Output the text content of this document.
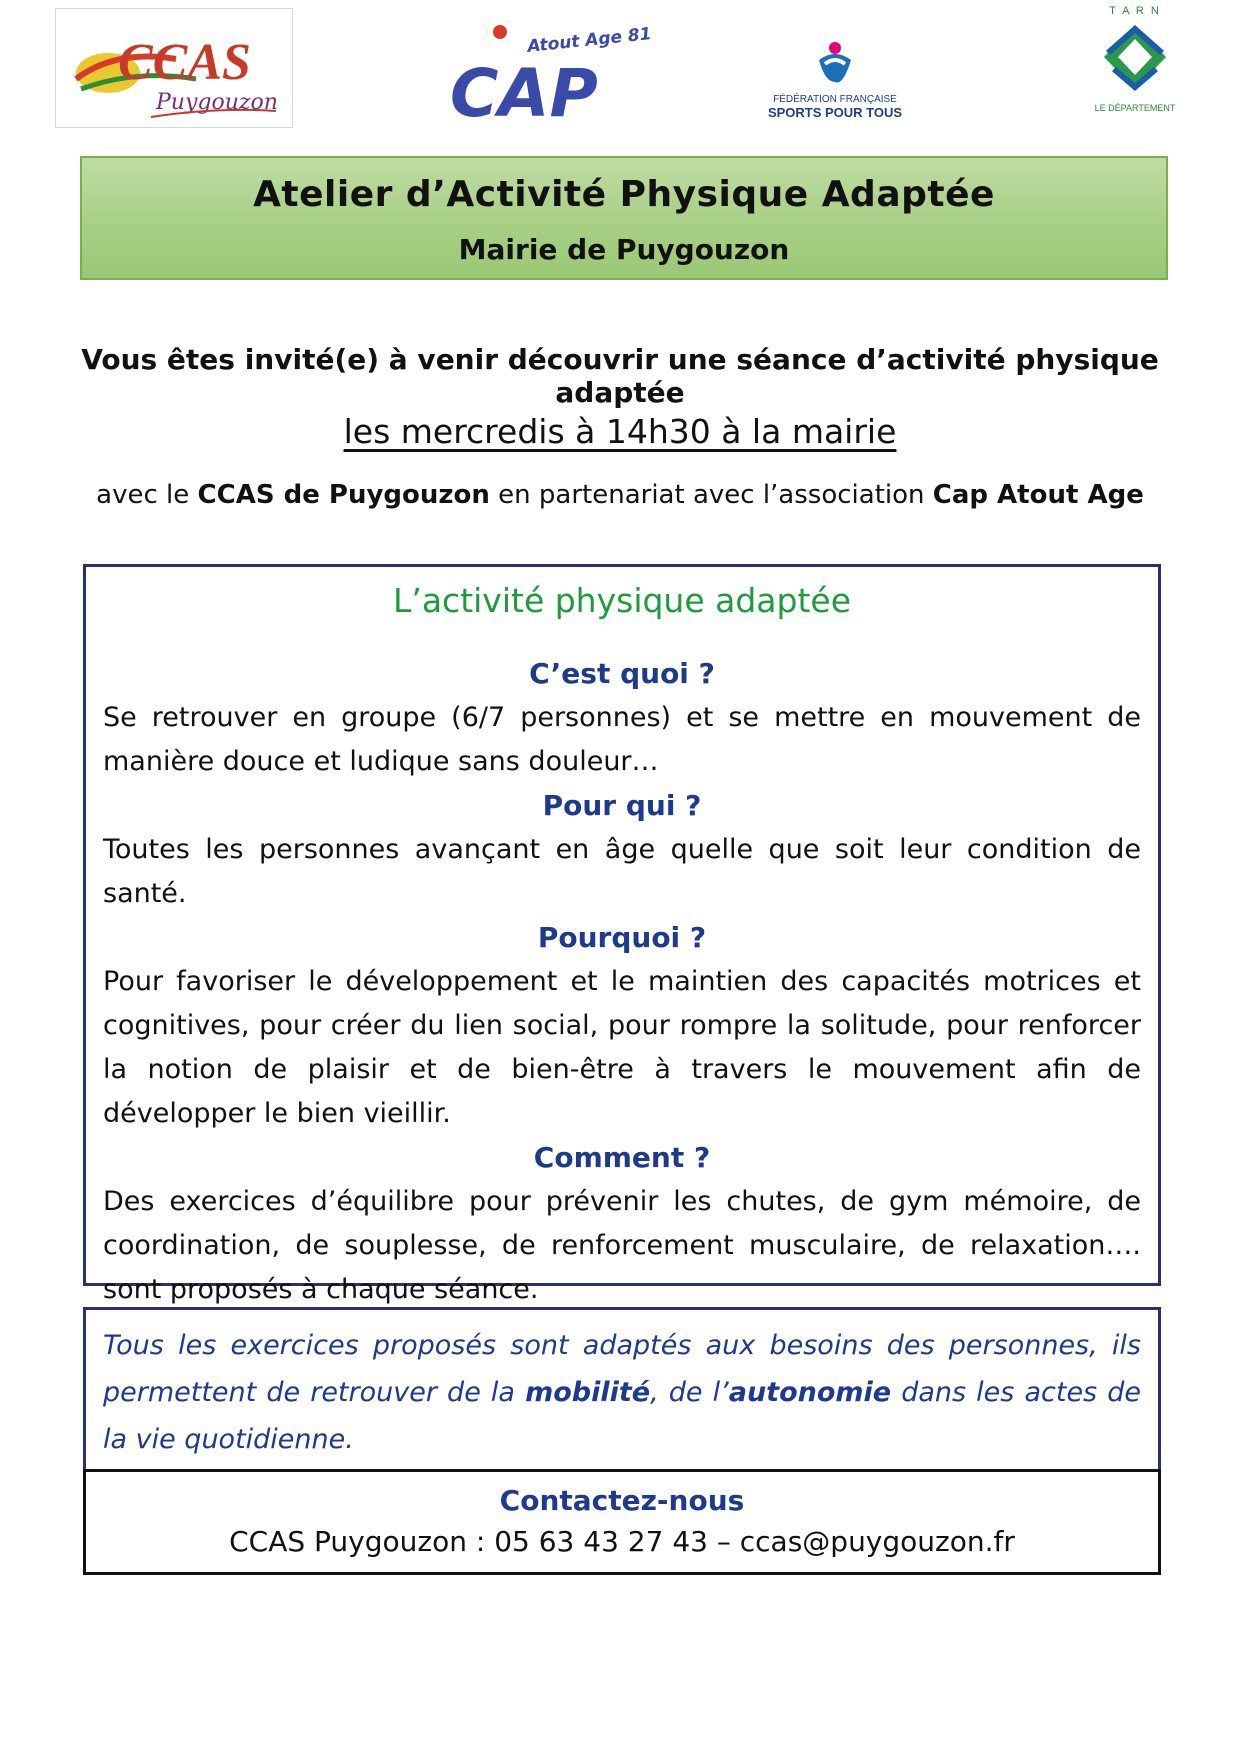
CCAS
Puygouzon	CAP
Atout Age 81
FÉDÉRATION FRANÇAISE
SPORTS POUR TOUS
T A R N
LE DÉPARTEMENT
Atelier d’Activité Physique Adaptée
Mairie de Puygouzon
Vous êtes invité(e) à venir découvrir une séance d’activité physique adaptée
les mercredis à 14h30 à la mairie
avec le CCAS de Puygouzon en partenariat avec l’association Cap Atout Age
L’activité physique adaptée
C’est quoi ?
Se retrouver en groupe (6/7 personnes) et se mettre en mouvement de manière douce et ludique sans douleur…
Pour qui ?
Toutes les personnes avançant en âge quelle que soit leur condition de santé.
Pourquoi ?
Pour favoriser le développement et le maintien des capacités motrices et cognitives, pour créer du lien social, pour rompre la solitude, pour renforcer la notion de plaisir et de bien-être à travers le mouvement afin de développer le bien vieillir.
Comment ?
Des exercices d’équilibre pour prévenir les chutes, de gym mémoire, de coordination, de souplesse, de renforcement musculaire, de relaxation…. sont proposés à chaque séance.
Tous les exercices proposés sont adaptés aux besoins des personnes, ils permettent de retrouver de la mobilité, de l’autonomie dans les actes de la vie quotidienne.
Contactez-nous
CCAS Puygouzon : 05 63 43 27 43 – ccas@puygouzon.fr
